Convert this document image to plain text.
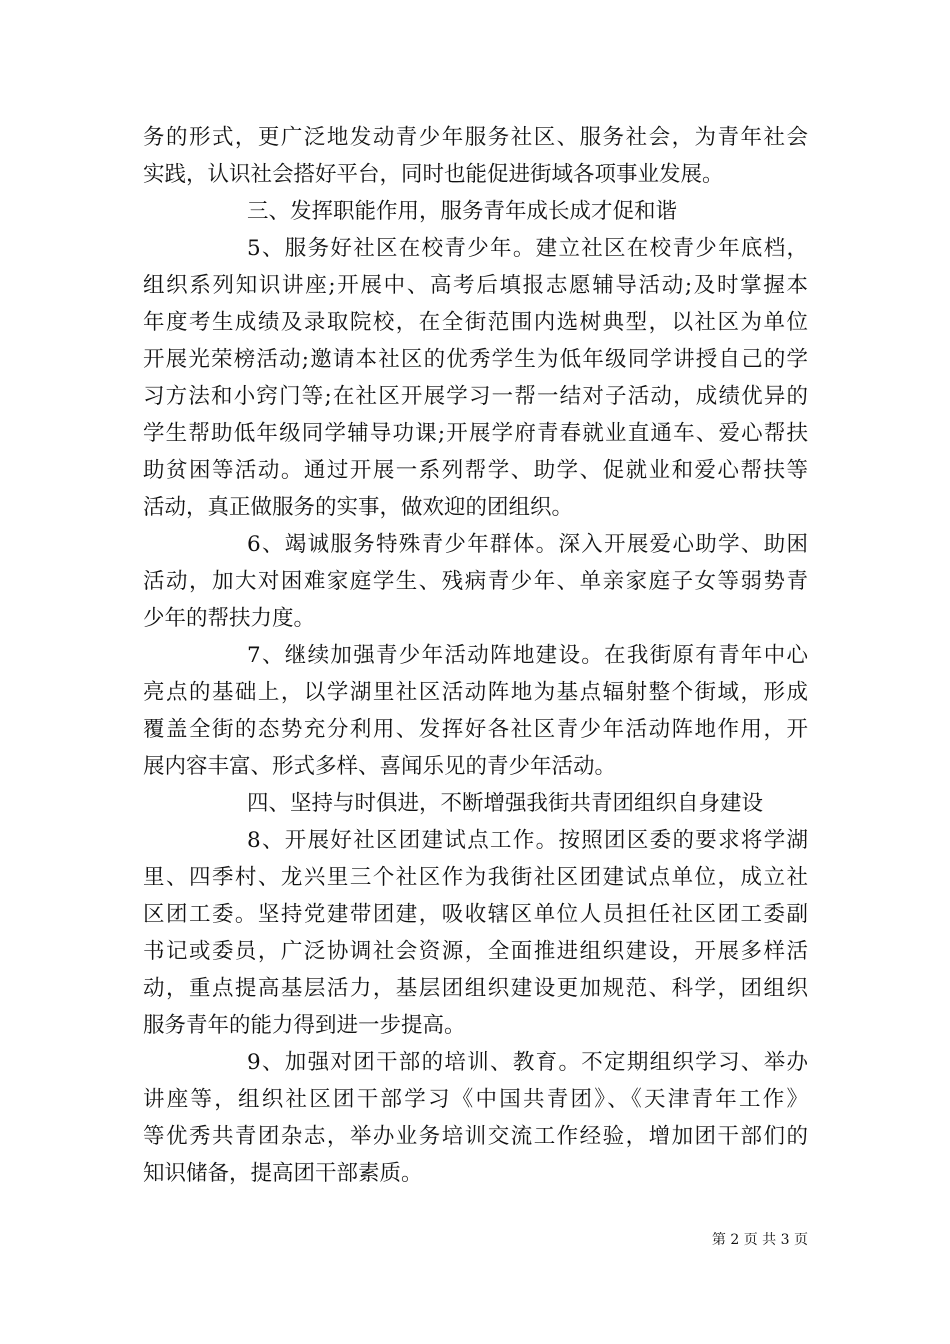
务的形式，更广泛地发动青少年服务社区、服务社会，为青年社会
实践，认识社会搭好平台，同时也能促进街域各项事业发展。
三、发挥职能作用，服务青年成长成才促和谐
5、服务好社区在校青少年。建立社区在校青少年底档，
组织系列知识讲座;开展中、高考后填报志愿辅导活动;及时掌握本
年度考生成绩及录取院校，在全街范围内选树典型，以社区为单位
开展光荣榜活动;邀请本社区的优秀学生为低年级同学讲授自己的学
习方法和小窍门等;在社区开展学习一帮一结对子活动，成绩优异的
学生帮助低年级同学辅导功课;开展学府青春就业直通车、爱心帮扶
助贫困等活动。通过开展一系列帮学、助学、促就业和爱心帮扶等
活动，真正做服务的实事，做欢迎的团组织。
6、竭诚服务特殊青少年群体。深入开展爱心助学、助困
活动，加大对困难家庭学生、残病青少年、单亲家庭子女等弱势青
少年的帮扶力度。
7、继续加强青少年活动阵地建设。在我街原有青年中心
亮点的基础上，以学湖里社区活动阵地为基点辐射整个街域，形成
覆盖全街的态势充分利用、发挥好各社区青少年活动阵地作用，开
展内容丰富、形式多样、喜闻乐见的青少年活动。
四、坚持与时俱进，不断增强我街共青团组织自身建设
8、开展好社区团建试点工作。按照团区委的要求将学湖
里、四季村、龙兴里三个社区作为我街社区团建试点单位，成立社
区团工委。坚持党建带团建，吸收辖区单位人员担任社区团工委副
书记或委员，广泛协调社会资源，全面推进组织建设，开展多样活
动，重点提高基层活力，基层团组织建设更加规范、科学，团组织
服务青年的能力得到进一步提高。
9、加强对团干部的培训、教育。不定期组织学习、举办
讲座等，组织社区团干部学习《中国共青团》、《天津青年工作》
等优秀共青团杂志，举办业务培训交流工作经验，增加团干部们的
知识储备，提高团干部素质。
第 2 页 共 3 页
